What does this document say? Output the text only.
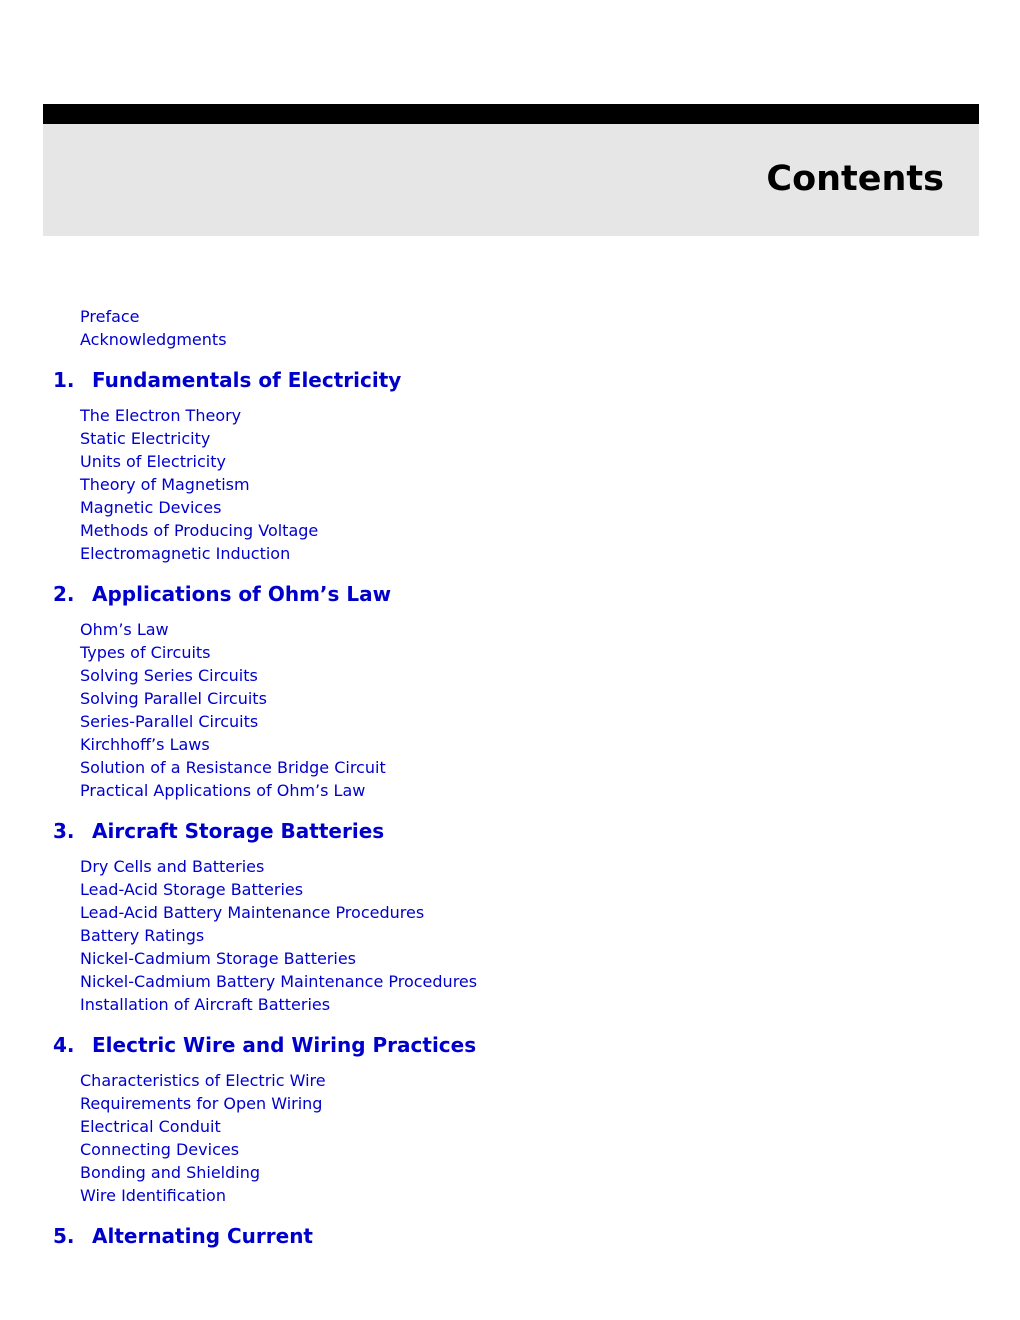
Contents
Preface
Acknowledgments
1. Fundamentals of Electricity
The Electron Theory
Static Electricity
Units of Electricity
Theory of Magnetism
Magnetic Devices
Methods of Producing Voltage
Electromagnetic Induction
2. Applications of Ohm’s Law
Ohm’s Law
Types of Circuits
Solving Series Circuits
Solving Parallel Circuits
Series-Parallel Circuits
Kirchhoff’s Laws
Solution of a Resistance Bridge Circuit
Practical Applications of Ohm’s Law
3. Aircraft Storage Batteries
Dry Cells and Batteries
Lead-Acid Storage Batteries
Lead-Acid Battery Maintenance Procedures
Battery Ratings
Nickel-Cadmium Storage Batteries
Nickel-Cadmium Battery Maintenance Procedures
Installation of Aircraft Batteries
4. Electric Wire and Wiring Practices
Characteristics of Electric Wire
Requirements for Open Wiring
Electrical Conduit
Connecting Devices
Bonding and Shielding
Wire Identification
5. Alternating Current
